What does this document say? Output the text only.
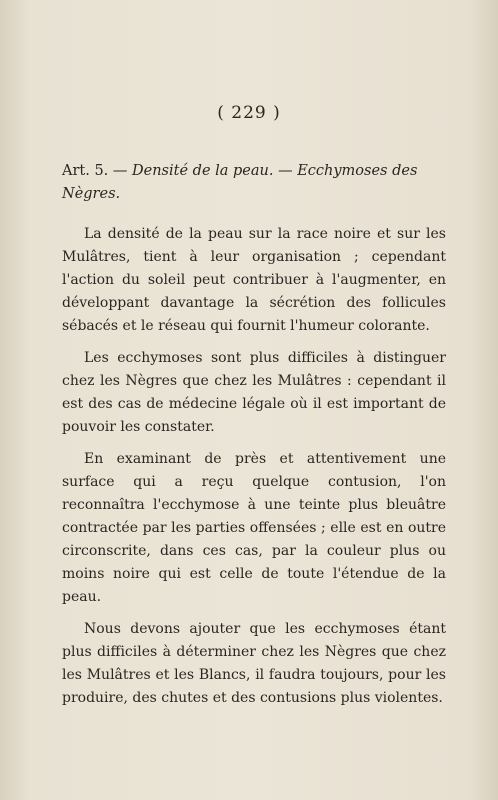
( 229 )
Art. 5. — Densité de la peau. — Ecchymoses des Nègres.

La densité de la peau sur la race noire et sur les Mulâtres, tient à leur organisation ; cependant l'action du soleil peut contribuer à l'augmenter, en développant davantage la sécrétion des follicules sébacés et le réseau qui fournit l'humeur colorante.

Les ecchymoses sont plus difficiles à distinguer chez les Nègres que chez les Mulâtres : cependant il est des cas de médecine légale où il est important de pouvoir les constater.

En examinant de près et attentivement une surface qui a reçu quelque contusion, l'on reconnaîtra l'ecchymose à une teinte plus bleuâtre contractée par les parties offensées ; elle est en outre circonscrite, dans ces cas, par la couleur plus ou moins noire qui est celle de toute l'étendue de la peau.

Nous devons ajouter que les ecchymoses étant plus difficiles à déterminer chez les Nègres que chez les Mulâtres et les Blancs, il faudra toujours, pour les produire, des chutes et des contusions plus violentes.
